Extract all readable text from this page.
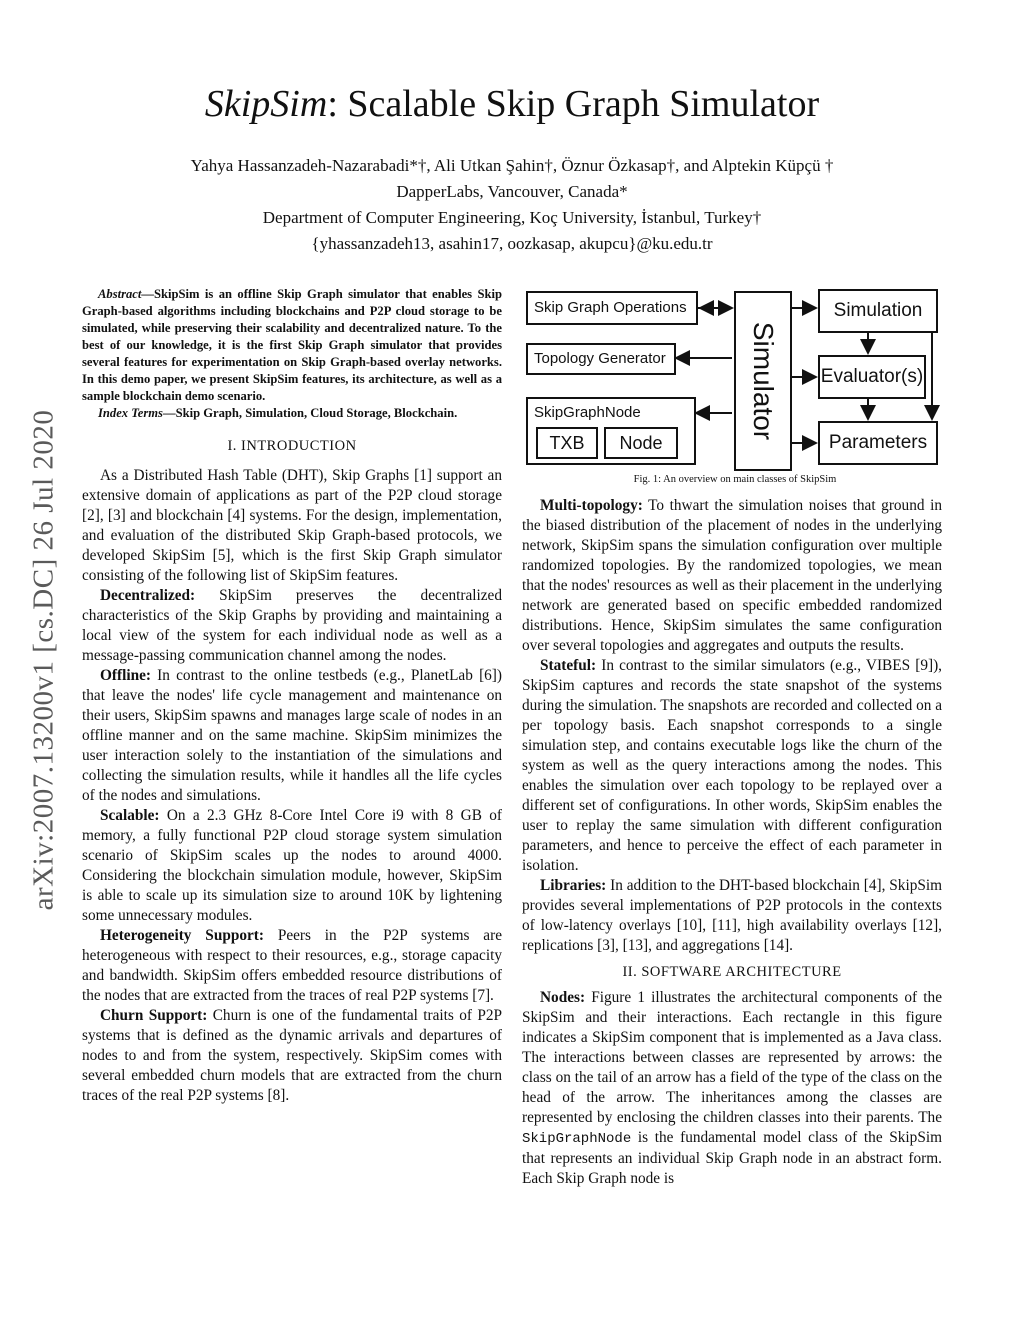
arXiv:2007.13200v1 [cs.DC] 26 Jul 2020
SkipSim: Scalable Skip Graph Simulator
Yahya Hassanzadeh-Nazarabadi*†, Ali Utkan Şahin†, Öznur Özkasap†, and Alptekin Küpçü †
DapperLabs, Vancouver, Canada*
Department of Computer Engineering, Koç University, İstanbul, Turkey†
{yhassanzadeh13, asahin17, oozkasap, akupcu}@ku.edu.tr

Abstract—SkipSim is an offline Skip Graph simulator that enables Skip Graph-based algorithms including blockchains and P2P cloud storage to be simulated, while preserving their scalability and decentralized nature. To the best of our knowledge, it is the first Skip Graph simulator that provides several features for experimentation on Skip Graph-based overlay networks. In this demo paper, we present SkipSim features, its architecture, as well as a sample blockchain demo scenario.

Index Terms—Skip Graph, Simulation, Cloud Storage, Blockchain.

I. INTRODUCTION

As a Distributed Hash Table (DHT), Skip Graphs [1] support an extensive domain of applications as part of the P2P cloud storage [2], [3] and blockchain [4] systems. For the design, implementation, and evaluation of the distributed Skip Graph-based protocols, we developed SkipSim [5], which is the first Skip Graph simulator consisting of the following list of SkipSim features.

Decentralized: SkipSim preserves the decentralized characteristics of the Skip Graphs by providing and maintaining a local view of the system for each individual node as well as a message-passing communication channel among the nodes.

Offline: In contrast to the online testbeds (e.g., PlanetLab [6]) that leave the nodes' life cycle management and maintenance on their users, SkipSim spawns and manages large scale of nodes in an offline manner and on the same machine. SkipSim minimizes the user interaction solely to the instantiation of the simulations and collecting the simulation results, while it handles all the life cycles of the nodes and simulations.

Scalable: On a 2.3 GHz 8-Core Intel Core i9 with 8 GB of memory, a fully functional P2P cloud storage system simulation scenario of SkipSim scales up the nodes to around 4000. Considering the blockchain simulation module, however, SkipSim is able to scale up its simulation size to around 10K by lightening some unnecessary modules.

Heterogeneity Support: Peers in the P2P systems are heterogeneous with respect to their resources, e.g., storage capacity and bandwidth. SkipSim offers embedded resource distributions of the nodes that are extracted from the traces of real P2P systems [7].

Churn Support: Churn is one of the fundamental traits of P2P systems that is defined as the dynamic arrivals and departures of nodes to and from the system, respectively. SkipSim comes with several embedded churn models that are extracted from the churn traces of the real P2P systems [8].

Skip Graph Operations
Topology Generator
SkipGraphNode
TXB	Node
Simulator
Simulation
Evaluator(s)
Parameters
Fig. 1: An overview on main classes of SkipSim

Multi-topology: To thwart the simulation noises that ground in the biased distribution of the placement of nodes in the underlying network, SkipSim spans the simulation configuration over multiple randomized topologies. By the randomized topologies, we mean that the nodes' resources as well as their placement in the underlying network are generated based on specific embedded randomized distributions. Hence, SkipSim simulates the same configuration over several topologies and aggregates and outputs the results.

Stateful: In contrast to the similar simulators (e.g., VIBES [9]), SkipSim captures and records the state snapshot of the systems during the simulation. The snapshots are recorded and collected on a per topology basis. Each snapshot corresponds to a single simulation step, and contains executable logs like the churn of the system as well as the query interactions among the nodes. This enables the simulation over each topology to be replayed over a different set of configurations. In other words, SkipSim enables the user to replay the same simulation with different configuration parameters, and hence to perceive the effect of each parameter in isolation.

Libraries: In addition to the DHT-based blockchain [4], SkipSim provides several implementations of P2P protocols in the contexts of low-latency overlays [10], [11], high availability overlays [12], replications [3], [13], and aggregations [14].

II. SOFTWARE ARCHITECTURE

Nodes: Figure 1 illustrates the architectural components of the SkipSim and their interactions. Each rectangle in this figure indicates a SkipSim component that is implemented as a Java class. The interactions between classes are represented by arrows: the class on the tail of an arrow has a field of the type of the class on the head of the arrow. The inheritances among the classes are represented by enclosing the children classes into their parents. The SkipGraphNode is the fundamental model class of the SkipSim that represents an individual Skip Graph node in an abstract form. Each Skip Graph node is
